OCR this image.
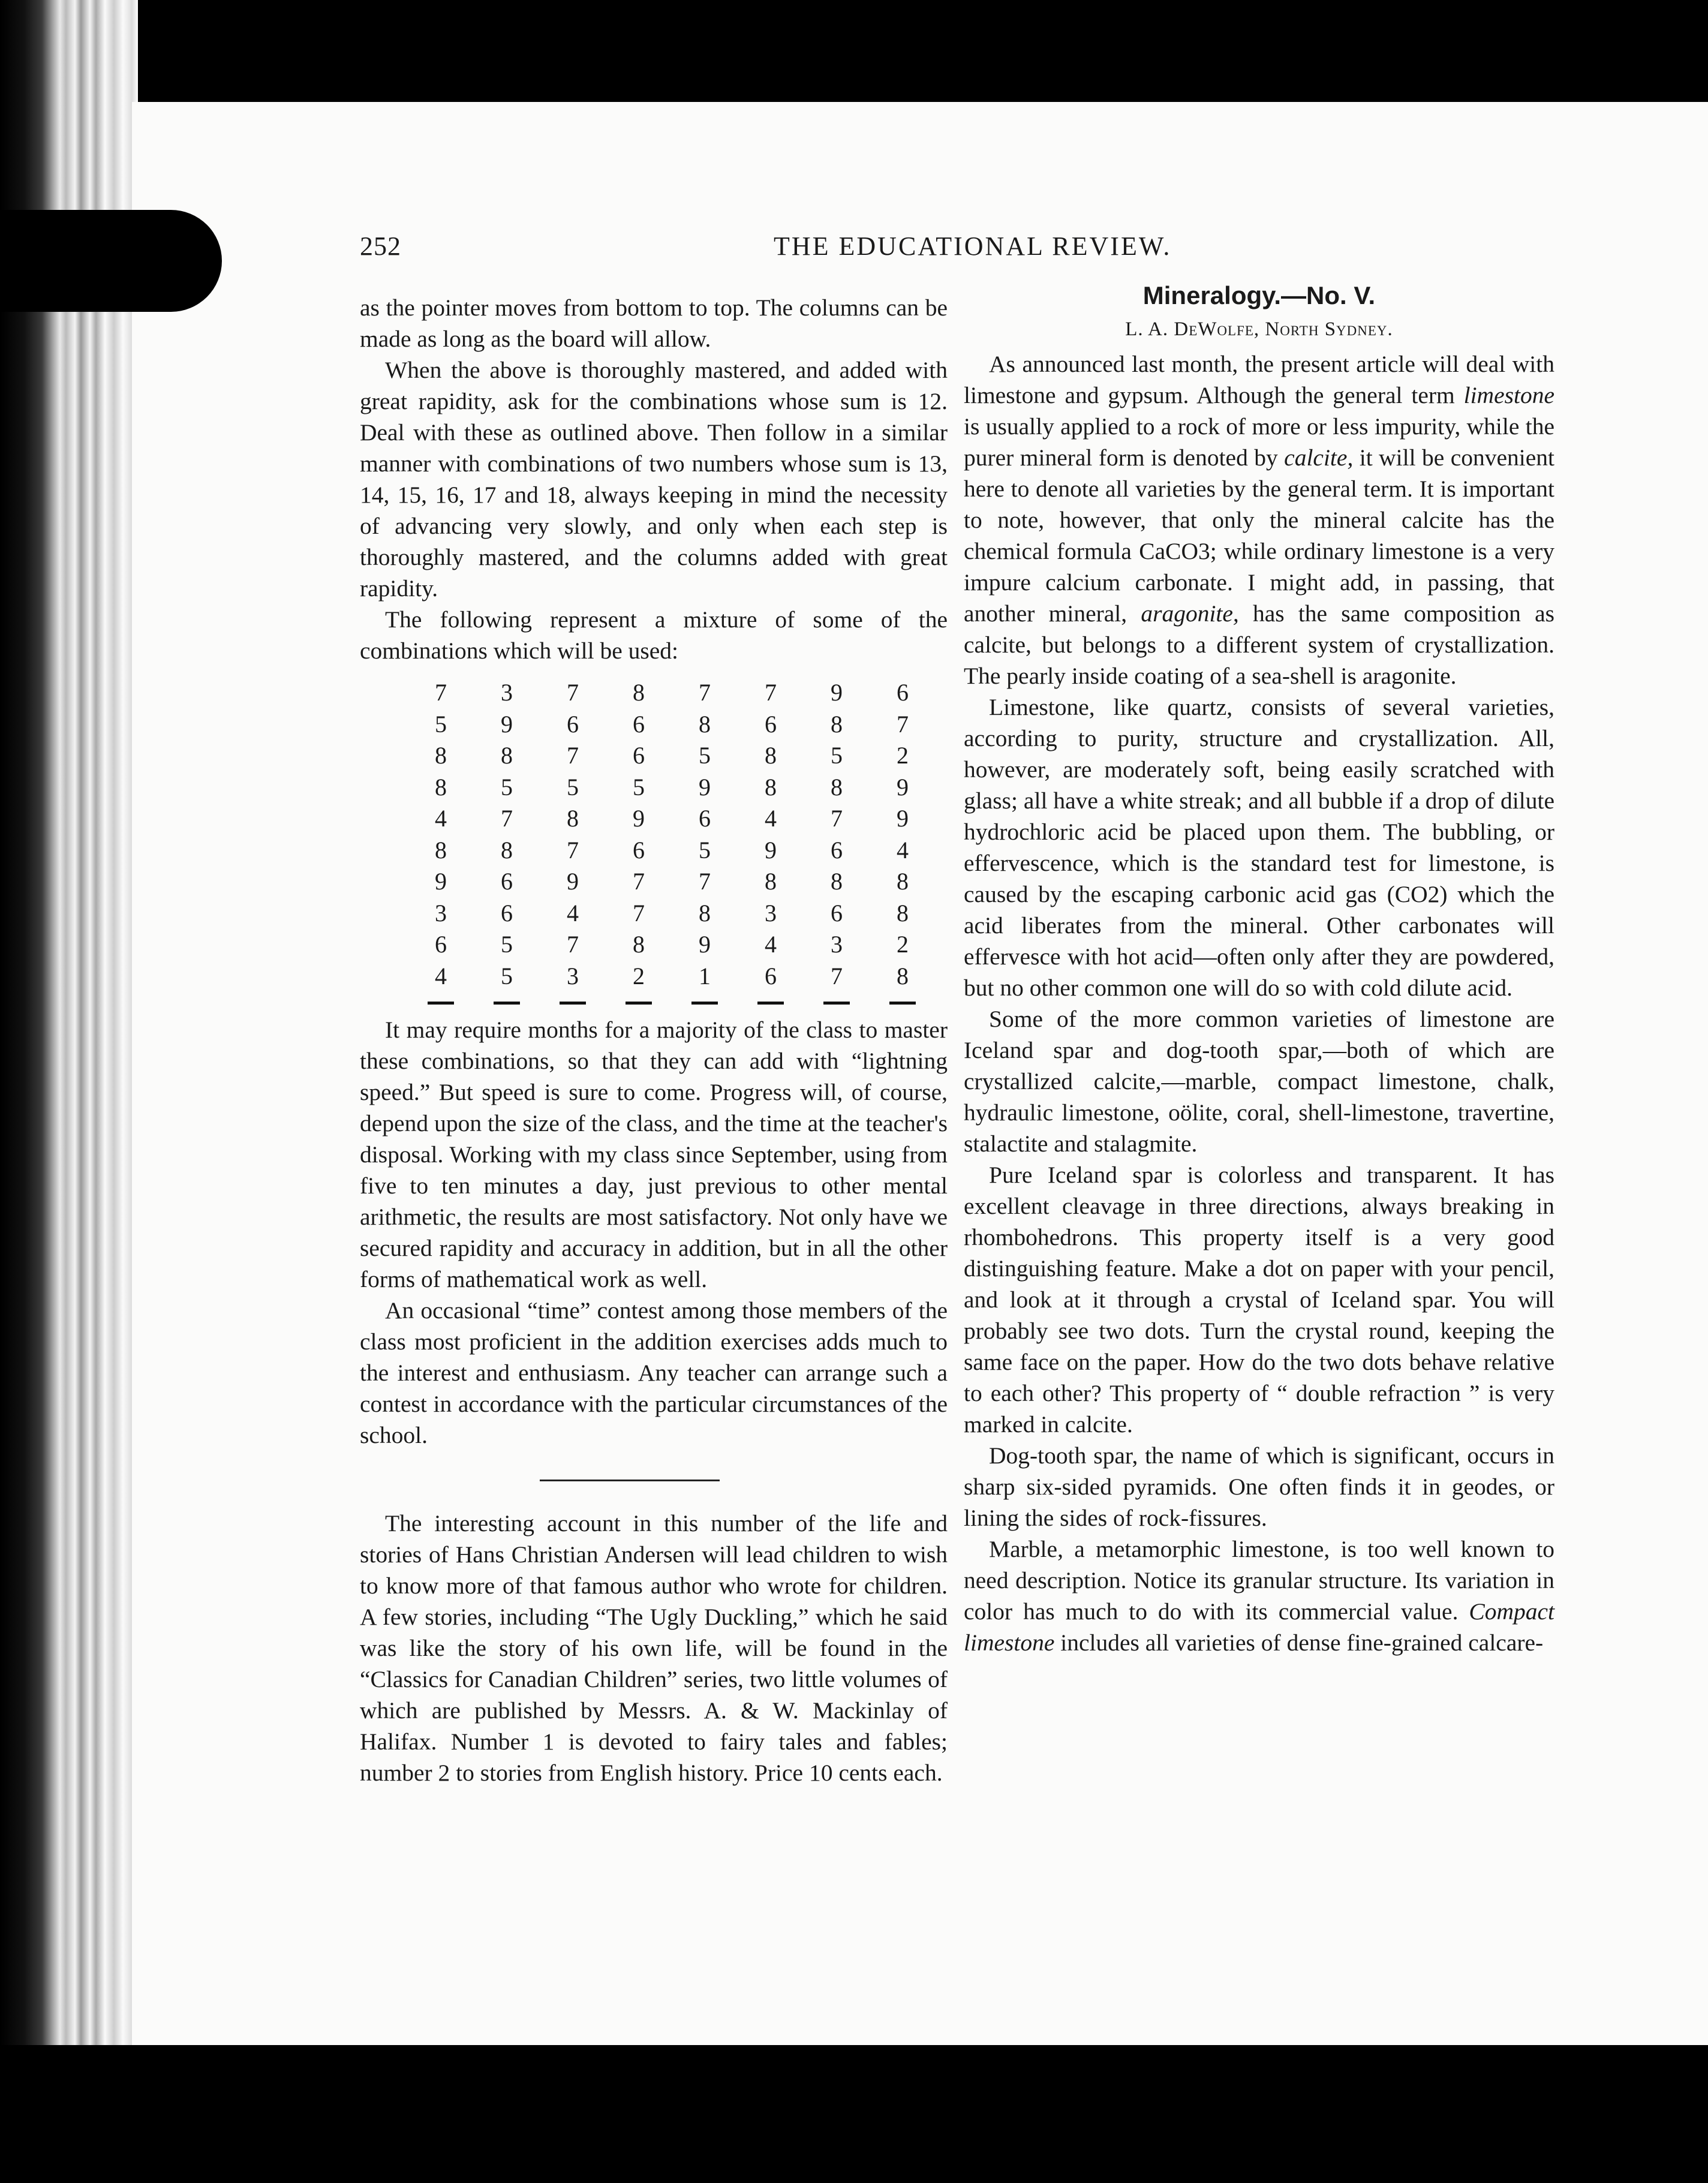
252	THE EDUCATIONAL REVIEW.

as the pointer moves from bottom to top. The columns can be made as long as the board will allow.

When the above is thoroughly mastered, and added with great rapidity, ask for the combinations whose sum is 12. Deal with these as outlined above. Then follow in a similar manner with combinations of two numbers whose sum is 13, 14, 15, 16, 17 and 18, always keeping in mind the necessity of advancing very slowly, and only when each step is thoroughly mastered, and the columns added with great rapidity.

The following represent a mixture of some of the combinations which will be used:

7	3	7	8	7	7	9	6
5	9	6	6	8	6	8	7
8	8	7	6	5	8	5	2
8	5	5	5	9	8	8	9
4	7	8	9	6	4	7	9
8	8	7	6	5	9	6	4
9	6	9	7	7	8	8	8
3	6	4	7	8	3	6	8
6	5	7	8	9	4	3	2
4	5	3	2	1	6	7	8

It may require months for a majority of the class to master these combinations, so that they can add with “lightning speed.” But speed is sure to come. Progress will, of course, depend upon the size of the class, and the time at the teacher's disposal. Working with my class since September, using from five to ten minutes a day, just previous to other mental arithmetic, the results are most satisfactory. Not only have we secured rapidity and accuracy in addition, but in all the other forms of mathematical work as well.

An occasional “time” contest among those members of the class most proficient in the addition exercises adds much to the interest and enthusiasm. Any teacher can arrange such a contest in accordance with the particular circumstances of the school.

The interesting account in this number of the life and stories of Hans Christian Andersen will lead children to wish to know more of that famous author who wrote for children. A few stories, including “The Ugly Duckling,” which he said was like the story of his own life, will be found in the “Classics for Canadian Children” series, two little volumes of which are published by Messrs. A. & W. Mackinlay of Halifax. Number 1 is devoted to fairy tales and fables; number 2 to stories from English history. Price 10 cents each.

Mineralogy.—No. V.
L. A. DeWolfe, North Sydney.

As announced last month, the present article will deal with limestone and gypsum. Although the general term limestone is usually applied to a rock of more or less impurity, while the purer mineral form is denoted by calcite, it will be convenient here to denote all varieties by the general term. It is important to note, however, that only the mineral calcite has the chemical formula CaCO3; while ordinary limestone is a very impure calcium carbonate. I might add, in passing, that another mineral, aragonite, has the same composition as calcite, but belongs to a different system of crystallization. The pearly inside coating of a sea-shell is aragonite.

Limestone, like quartz, consists of several varieties, according to purity, structure and crystallization. All, however, are moderately soft, being easily scratched with glass; all have a white streak; and all bubble if a drop of dilute hydrochloric acid be placed upon them. The bubbling, or effervescence, which is the standard test for limestone, is caused by the escaping carbonic acid gas (CO2) which the acid liberates from the mineral. Other carbonates will effervesce with hot acid—often only after they are powdered, but no other common one will do so with cold dilute acid.

Some of the more common varieties of limestone are Iceland spar and dog-tooth spar,—both of which are crystallized calcite,—marble, compact limestone, chalk, hydraulic limestone, oölite, coral, shell-limestone, travertine, stalactite and stalagmite.

Pure Iceland spar is colorless and transparent. It has excellent cleavage in three directions, always breaking in rhombohedrons. This property itself is a very good distinguishing feature. Make a dot on paper with your pencil, and look at it through a crystal of Iceland spar. You will probably see two dots. Turn the crystal round, keeping the same face on the paper. How do the two dots behave relative to each other? This property of “ double refraction ” is very marked in calcite.

Dog-tooth spar, the name of which is significant, occurs in sharp six-sided pyramids. One often finds it in geodes, or lining the sides of rock-fissures.

Marble, a metamorphic limestone, is too well known to need description. Notice its granular structure. Its variation in color has much to do with its commercial value. Compact limestone includes all varieties of dense fine-grained calcare-
